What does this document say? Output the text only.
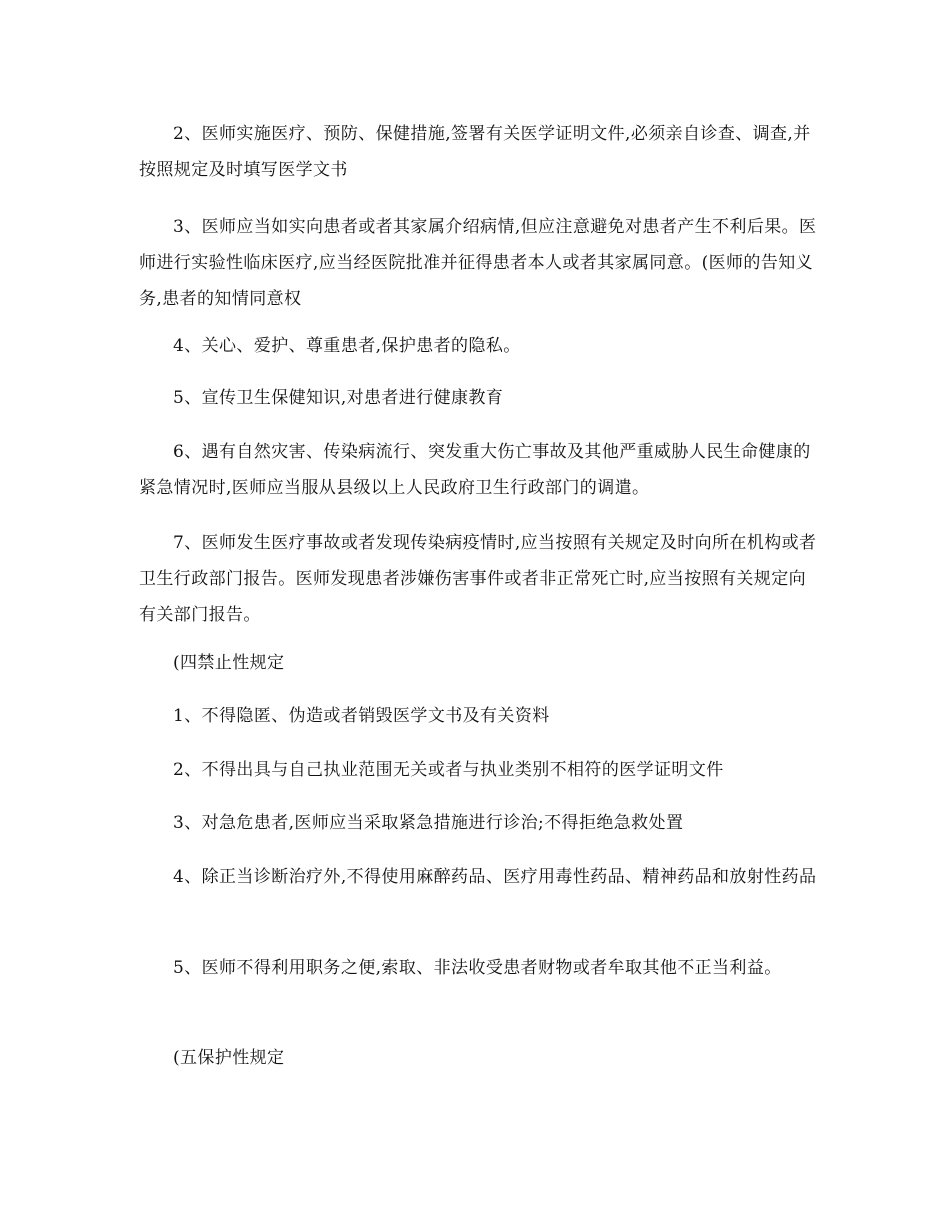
2、医师实施医疗、预防、保健措施,签署有关医学证明文件,必须亲自诊查、调查,并按照规定及时填写医学文书

3、医师应当如实向患者或者其家属介绍病情,但应注意避免对患者产生不利后果。医师进行实验性临床医疗,应当经医院批准并征得患者本人或者其家属同意。(医师的告知义务,患者的知情同意权

4、关心、爱护、尊重患者,保护患者的隐私。

5、宣传卫生保健知识,对患者进行健康教育

6、遇有自然灾害、传染病流行、突发重大伤亡事故及其他严重威胁人民生命健康的紧急情况时,医师应当服从县级以上人民政府卫生行政部门的调遣。

7、医师发生医疗事故或者发现传染病疫情时,应当按照有关规定及时向所在机构或者卫生行政部门报告。医师发现患者涉嫌伤害事件或者非正常死亡时,应当按照有关规定向有关部门报告。

(四禁止性规定

1、不得隐匿、伪造或者销毁医学文书及有关资料

2、不得出具与自己执业范围无关或者与执业类别不相符的医学证明文件

3、对急危患者,医师应当采取紧急措施进行诊治;不得拒绝急救处置

4、除正当诊断治疗外,不得使用麻醉药品、医疗用毒性药品、精神药品和放射性药品

5、医师不得利用职务之便,索取、非法收受患者财物或者牟取其他不正当利益。

(五保护性规定
